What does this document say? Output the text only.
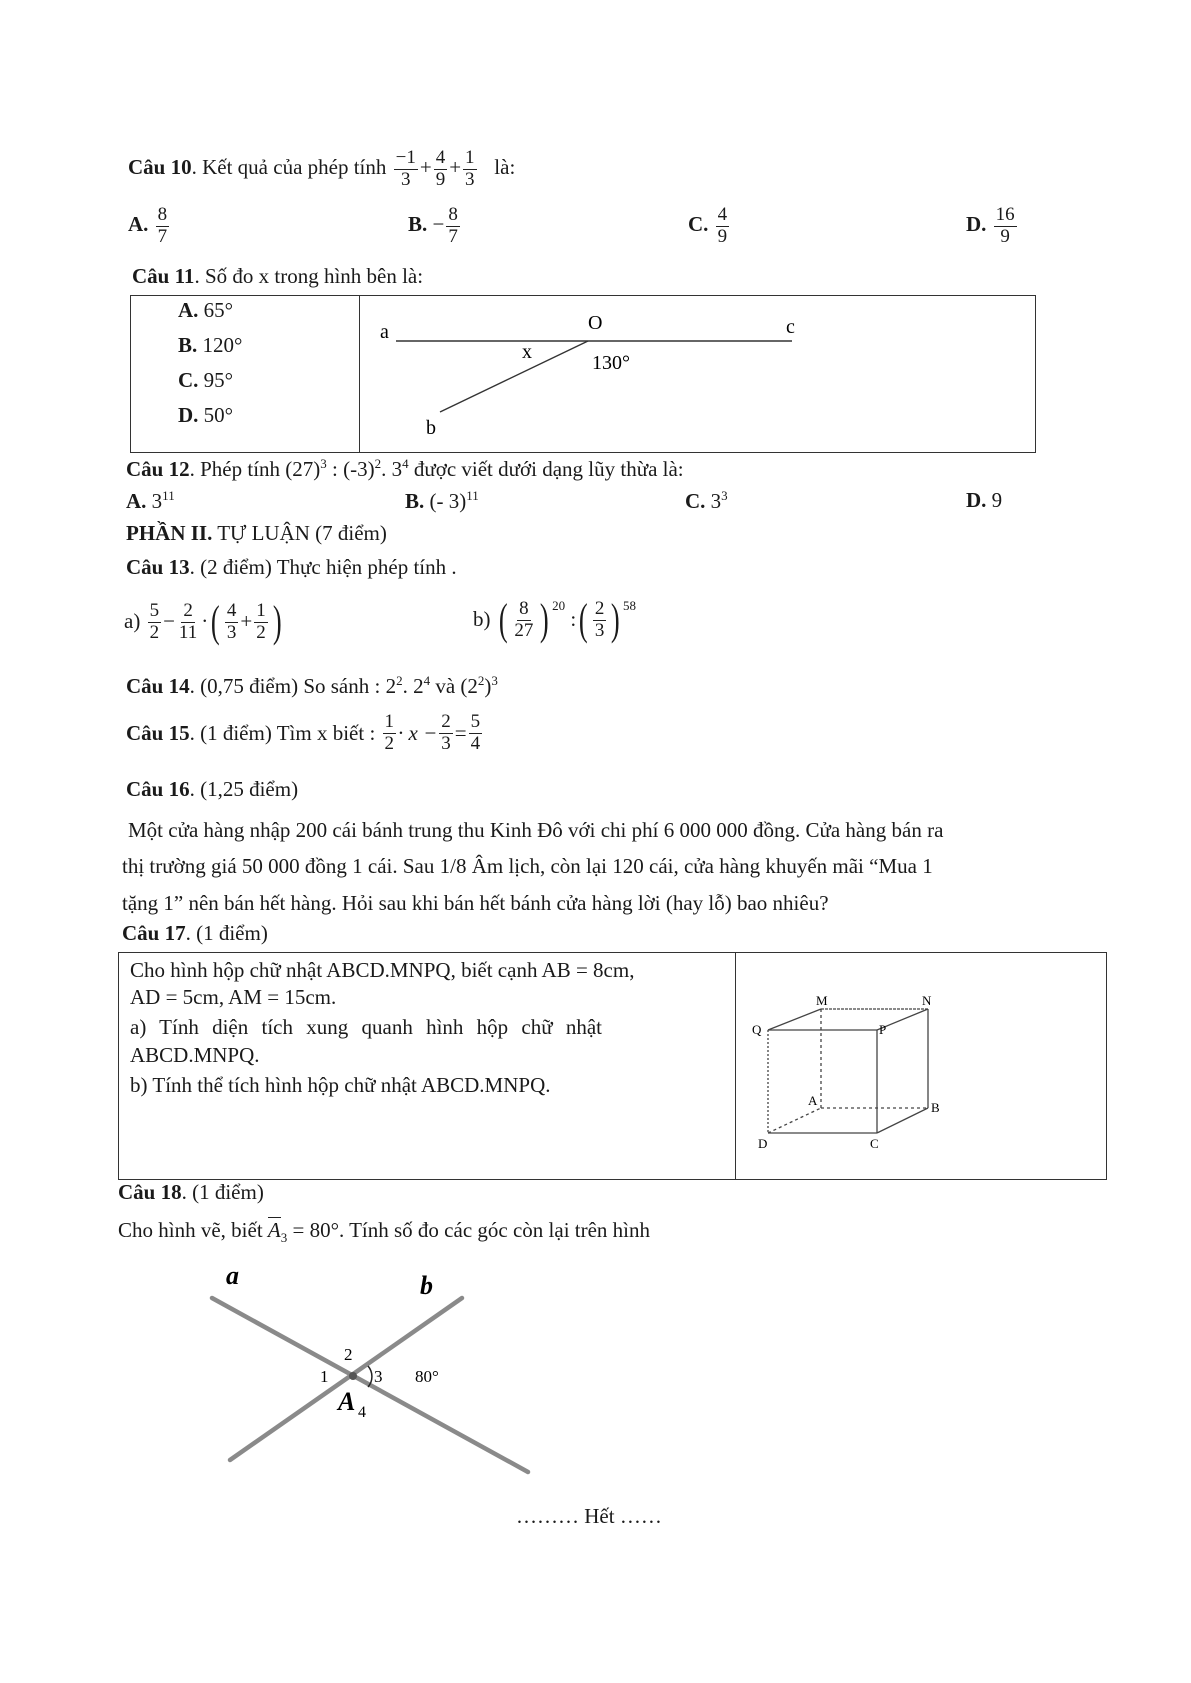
Câu 10. Kết quả của phép tính $\frac{-1}{3} + \frac{4}{9} + \frac{1}{3}$ là:
A. $\frac{8}{7}$	B. − $\frac{8}{7}$	C. $\frac{4}{9}$	D. $\frac{16}{9}$
Câu 11. Số đo x trong hình bên là:
A. 65°
B. 120°
C. 95°
D. 50°
a	O	c
x	130°
b
Câu 12. Phép tính $(27)^3$ : $(-3)^2$. $3^4$ được viết dưới dạng lũy thừa là:
A. $3^{11}$	B. (- 3)$^{11}$	C. $3^3$	D. 9
PHẦN II. TỰ LUẬN (7 điểm)
Câu 13. (2 điểm) Thực hiện phép tính .
a)
$\frac{5}{2} - \frac{2}{11}$ · ( $\frac{4}{3} + \frac{1}{2}$ )	b)
( $\frac{8}{27} )^{20}$

: ( $\frac{2}{3} )^{58}$
Câu 14. (0,75 điểm) So sánh : $2^2$. $2^4$ và $(2^2)^3$
Câu 15 . (1 điểm) Tìm x biết :
$\frac{1}{2} \cdot x - \frac{2}{3} = \frac{5}{4}$
Câu 16. (1,25 điểm)
Một cửa hàng nhập 200 cái bánh trung thu Kinh Đô với chi phí 6 000 000 đồng. Cửa hàng bán ra
thị trường giá 50 000 đồng 1 cái. Sau 1/8 Âm lịch, còn lại 120 cái, cửa hàng khuyến mãi “Mua 1
tặng 1” nên bán hết hàng. Hỏi sau khi bán hết bánh cửa hàng lời (hay lỗ) bao nhiêu?
Câu 17. (1 điểm)
Cho hình hộp chữ nhật ABCD.MNPQ, biết cạnh AB = 8cm,
AD = 5cm, AM = 15cm.
a) Tính diện tích xung quanh hình hộp chữ nhật
ABCD.MNPQ.
b) Tính thể tích hình hộp chữ nhật ABCD.MNPQ.
M	N
Q	P
A	B
D	C
Câu 18. (1 điểm)
Cho hình vẽ, biết $A_3 = 80^\circ$. Tính số đo các góc còn lại trên hình
a	b
1
2
3 80°
A 4
……… Hết ……
